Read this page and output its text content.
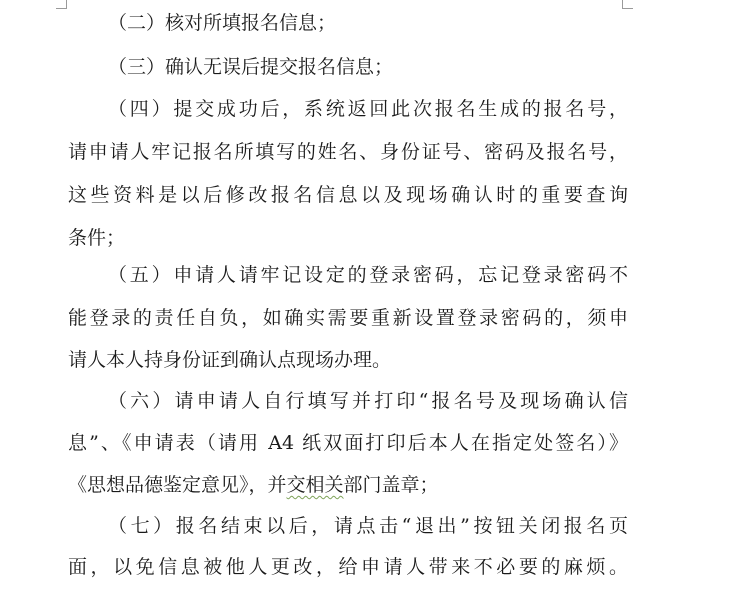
（二）核对所填报名信息；
（三）确认无误后提交报名信息；
（四）提交成功后，系统返回此次报名生成的报名号，
请申请人牢记报名所填写的姓名、身份证号、密码及报名号，
这些资料是以后修改报名信息以及现场确认时的重要查询
条件；
（五）申请人请牢记设定的登录密码，忘记登录密码不
能登录的责任自负，如确实需要重新设置登录密码的，须申
请人本人持身份证到确认点现场办理。
（六）请申请人自行填写并打印“报名号及现场确认信
息”、《申请表（请用 A4 纸双面打印后本人在指定处签名）》
《思想品德鉴定意见》，并交相关部门盖章；
（七）报名结束以后，请点击“退出”按钮关闭报名页
面，以免信息被他人更改，给申请人带来不必要的麻烦。
